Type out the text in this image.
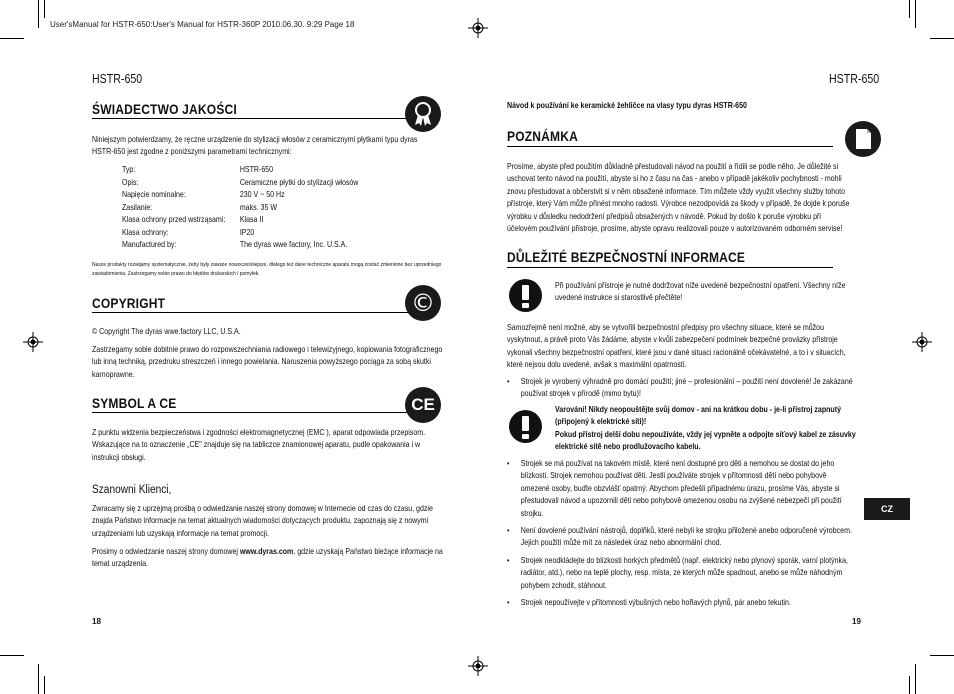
User'sManual for HSTR-650:User's Manual for HSTR-360P 2010.06.30. 9:29 Page 18
HSTR-650	HSTR-650
ŚWIADECTWO JAKOŚCI
Niniejszym potwierdzamy, że ręczne urządzenie do stylizacji włosów z ceramicznymi płytkami typu dyras HSTR-650 jest zgodne z poniższymi parametrami technicznymi:
Typ:	HSTR-650
Opis:	Ceramiczne płytki do stylizacji włosów
Napięcie nominalne:	230 V ~ 50 Hz
Zasilanie:	maks. 35 W
Klasa ochrony przed wstrząsami: Klasa II
Klasa ochrony:	IP20
Manufactured by:	The dyras wwe factory, Inc. U.S.A.
Nasze produkty rozwijamy systematycznie, żeby były zawsze nowocześniejsze, dlatego też dane techniczne aparatu mogą zostać zmienione bez uprzedniego zawiadomienia. Zastrzegamy sobie prawo do błędów drukarskich i pomyłek.
COPYRIGHT	©
© Copyright The dyras wwe.factory LLC, U.S.A.
Zastrzegamy sobie dobitnie prawo do rozpowszechniania radiowego i telewizyjnego, kopiowania fotograficznego lub inną techniką, przedruku streszczeń i innego powielania. Naruszenia powyższego pociąga za sobą skutki karnoprawne.
SYMBOL A CE	CE
Z punktu widzenia bezpieczeństwa i zgodności elektromagnetycznej (EMC ), aparat odpowiada przepisom. Wskazujące na to oznaczenie „CE" znajduje się na tabliczce znamionowej aparatu, pudle opakowania i w instrukcji obsługi.
Szanowni Klienci,
Zwracamy się z uprzejmą prośbą o odwiedzanie naszej strony domowej w Internecie od czas do czasu, gdzie znajda Państwo informacje na temat aktualnych wiadomości dotyczących produktu, zapoznają się z nowymi urządzeniami lub uzyskają informacje na temat promocji.
Prosimy o odwiedzanie naszej strony domowej www.dyras.com, gdzie uzyskają Państwo bieżące informacje na temat urządzenia.
18
Návod k používání ke keramické žehličce na vlasy typu dyras HSTR-650
POZNÁMKA
Prosíme, abyste před použitím důkladně přestudovali návod na použití a řídili se podle něho. Je důležité si uschovat tento návod na použití, abyste si ho z času na čas - anebo v případě jakékoliv pochybnosti - mohli znovu přestudovat a občerstvit si v něm obsažené informace. Tím můžete vždy využít všechny služby tohoto přístroje, který Vám může přinést mnoho radosti. Výrobce nezodpovídá za škody v případě, že dojde k poruše výrobku v důsledku nedodržení předpisů obsažených v návodě. Pokud by došlo k poruše výrobku při účelovém používání přístroje, prosíme, abyste opravu realizovali pouze v autorizovaném odborném servise!
DŮLEŽITÉ BEZPEČNOSTNÍ INFORMACE
Při používání přístroje je nutné dodržovat níže uvedené bezpečnostní opatření. Všechny níže uvedené instrukce si starostlivě přečtěte!
Samozřejmě není možné, aby se vytvořili bezpečnostní předpisy pro všechny situace, které se můžou vyskytnout, a právě proto Vás žádáme, abyste v kvůli zabezpečení podmínek bezpečné provázky přístroje vykonali všechny bezpečnostní opatření, které jsou v dané situaci racionálně očekávatelné, a to i v situacích, které nejsou dolu uvedené, avšak s maximální opatrností.
• Strojek je vyrobený výhradně pro domácí použití; jiné – profesionální – použití není dovolené! Je zakázané používat strojek v přírodě (mimo bytu)!
Varování! Nikdy neopouštějte svůj domov - ani na krátkou dobu - je-li přístroj zapnutý (připojený k elektrické síti)!
Pokud přístroj delší dobu nepoužíváte, vždy jej vypněte a odpojte síťový kabel ze zásuvky elektrické sítě nebo prodlužovacího kabelu.
• Strojek se má používat na takovém místě, které není dostupné pro děti a nemohou se dostat do jeho blízkosti. Strojek nemohou používat děti. Jestli používáte strojek v přítomnosti dětí nebo pohybově omezené osoby, buďte obzvlášť opatrný. Abychom předešli případnému úrazu, prosíme Vás, abyste si přestudovali návod a upozornili děti nebo pohybově omezenou osobu na zvýšené nebezpečí při použití strojku.
• Není dovolené používání nástrojů, doplňků, které nebyli ke strojku přiložené anebo odporučené výrobcem. Jejich použití může mít za následek úraz nebo abnormální chod.
• Strojek neodkládejte do blízkosti horkých předmětů (např. elektrický nebo plynový sporák, varní plotýnka, radiátor, atd.), nebo na teplé plochy, resp. místa, ze kterých může spadnout, anebo se může náhodným pohybem zchodit, stáhnout.
• Strojek nepoužívejte v přítomnosti výbušných nebo hořlavých plynů, pár anebo tekutin.
CZ
19
